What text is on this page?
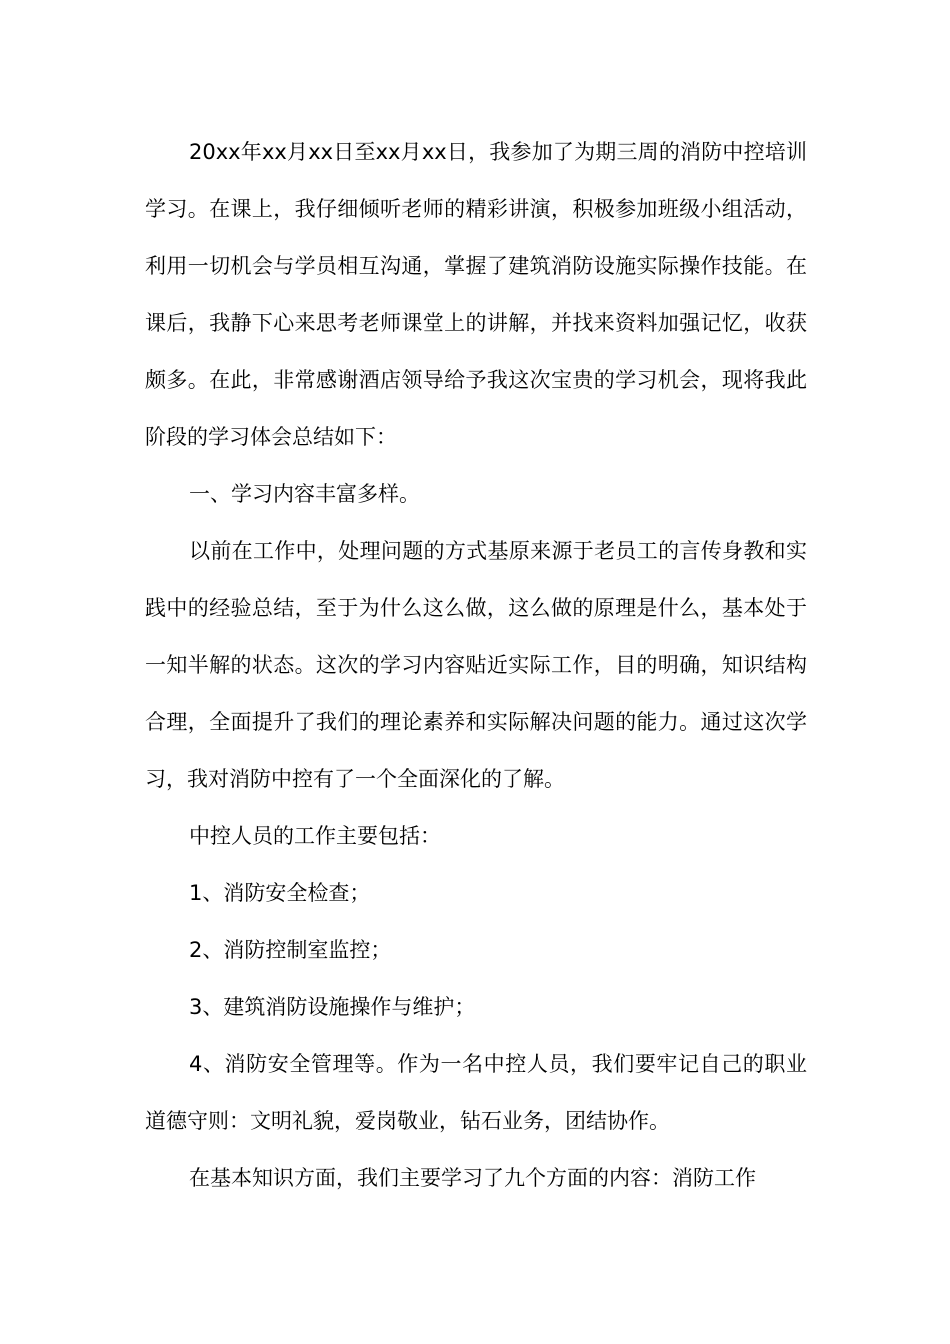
20xx年xx月xx日至xx月xx日，我参加了为期三周的消防中控培训学习。在课上，我仔细倾听老师的精彩讲演，积极参加班级小组活动，利用一切机会与学员相互沟通，掌握了建筑消防设施实际操作技能。在课后，我静下心来思考老师课堂上的讲解，并找来资料加强记忆，收获颇多。在此，非常感谢酒店领导给予我这次宝贵的学习机会，现将我此阶段的学习体会总结如下：

一、学习内容丰富多样。

以前在工作中，处理问题的方式基原来源于老员工的言传身教和实践中的经验总结，至于为什么这么做，这么做的原理是什么，基本处于一知半解的状态。这次的学习内容贴近实际工作，目的明确，知识结构合理，全面提升了我们的理论素养和实际解决问题的能力。通过这次学习，我对消防中控有了一个全面深化的了解。

中控人员的工作主要包括：

1、消防安全检查；

2、消防控制室监控；

3、建筑消防设施操作与维护；

4、消防安全管理等。作为一名中控人员，我们要牢记自己的职业道德守则：文明礼貌，爱岗敬业，钻石业务，团结协作。

在基本知识方面，我们主要学习了九个方面的内容：消防工作
